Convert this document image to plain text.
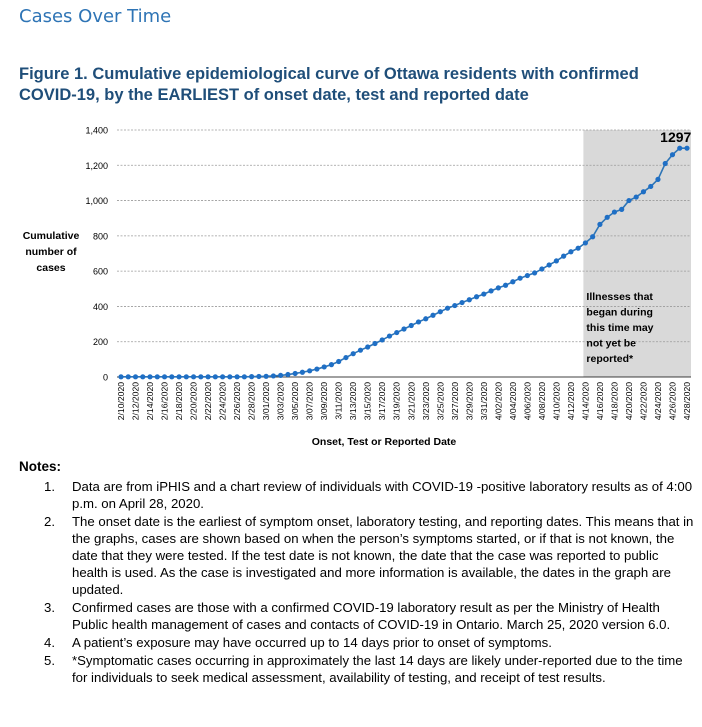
Cases Over Time
Figure 1. Cumulative epidemiological curve of Ottawa residents with confirmed COVID-19, by the EARLIEST of onset date, test and reported date
0
200
400
600
800
1,000
1,200
1,400
2/10/2020 2/12/2020 2/14/2020 2/16/2020 2/18/2020 2/20/2020 2/22/2020 2/24/2020 2/26/2020 2/28/2020 3/01/2020 3/03/2020 3/05/2020 3/07/2020 3/09/2020 3/11/2020 3/13/2020 3/15/2020 3/17/2020 3/19/2020 3/21/2020 3/23/2020 3/25/2020 3/27/2020 3/29/2020 3/31/2020 4/02/2020 4/04/2020 4/06/2020 4/08/2020 4/10/2020 4/12/2020 4/14/2020 4/16/2020 4/18/2020 4/20/2020 4/22/2020 4/24/2020 4/26/2020 4/28/2020
Cumulative
number of
cases
Onset, Test or Reported Date
1297
Illnesses that
began during
this time may
not yet be
reported*
Notes:
1.	Data are from iPHIS and a chart review of individuals with COVID-19 -positive laboratory results as of 4:00 p.m. on April 28, 2020.
2.	The onset date is the earliest of symptom onset, laboratory testing, and reporting dates. This means that in the graphs, cases are shown based on when the person’s symptoms started, or if that is not known, the date that they were tested. If the test date is not known, the date that the case was reported to public health is used. As the case is investigated and more information is available, the dates in the graph are updated.
3.	Confirmed cases are those with a confirmed COVID-19 laboratory result as per the Ministry of Health Public health management of cases and contacts of COVID-19 in Ontario. March 25, 2020 version 6.0.
4.	A patient’s exposure may have occurred up to 14 days prior to onset of symptoms.
5.	*Symptomatic cases occurring in approximately the last 14 days are likely under-reported due to the time for individuals to seek medical assessment, availability of testing, and receipt of test results.
